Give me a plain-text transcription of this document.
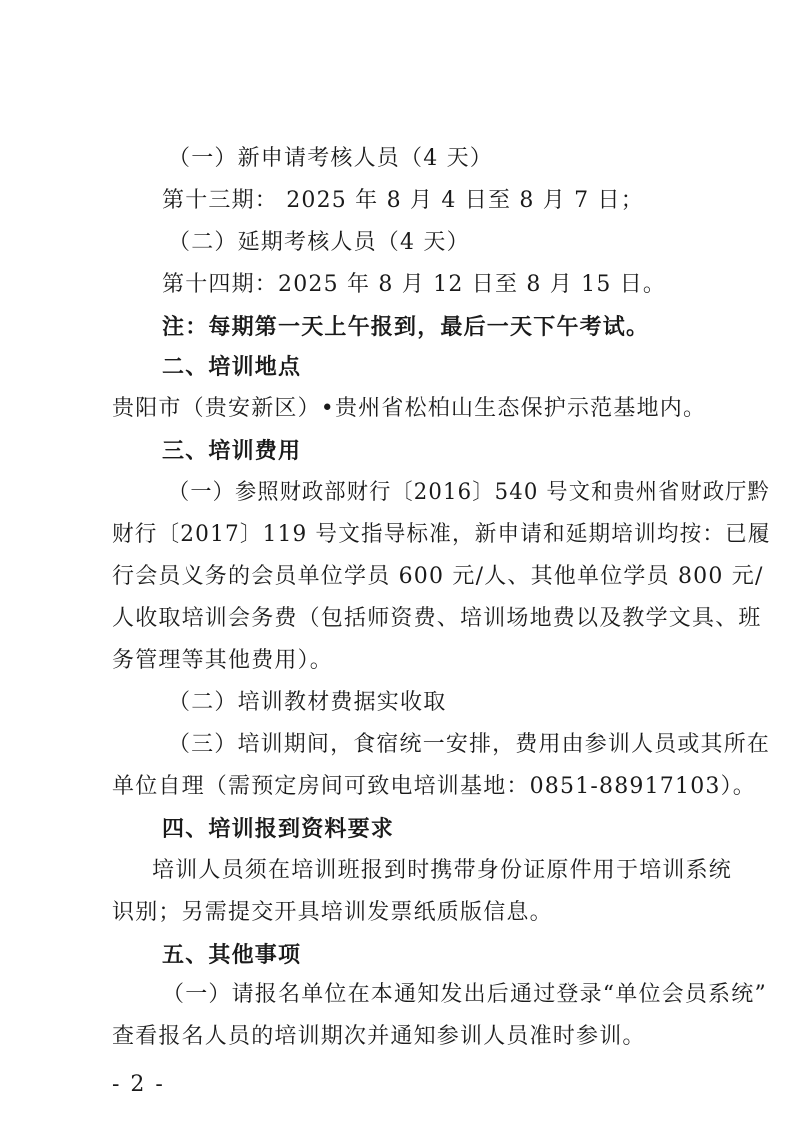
（一）新申请考核人员（4 天）
第十三期： 2025 年 8 月 4 日至 8 月 7 日；
（二）延期考核人员（4 天）
第十四期：2025 年 8 月 12 日至 8 月 15 日。
注：每期第一天上午报到，最后一天下午考试。
二、培训地点
贵阳市（贵安新区）•贵州省松柏山生态保护示范基地内。
三、培训费用
（一）参照财政部财行〔2016〕540 号文和贵州省财政厅黔
财行〔2017〕119 号文指导标准，新申请和延期培训均按：已履
行会员义务的会员单位学员 600 元/人、其他单位学员 800 元/
人收取培训会务费（包括师资费、培训场地费以及教学文具、班
务管理等其他费用）。
（二）培训教材费据实收取
（三）培训期间，食宿统一安排，费用由参训人员或其所在
单位自理（需预定房间可致电培训基地：0851-88917103）。
四、培训报到资料要求
培训人员须在培训班报到时携带身份证原件用于培训系统
识别；另需提交开具培训发票纸质版信息。
五、其他事项
（一）请报名单位在本通知发出后通过登录“单位会员系统”
查看报名人员的培训期次并通知参训人员准时参训。
- 2 -
